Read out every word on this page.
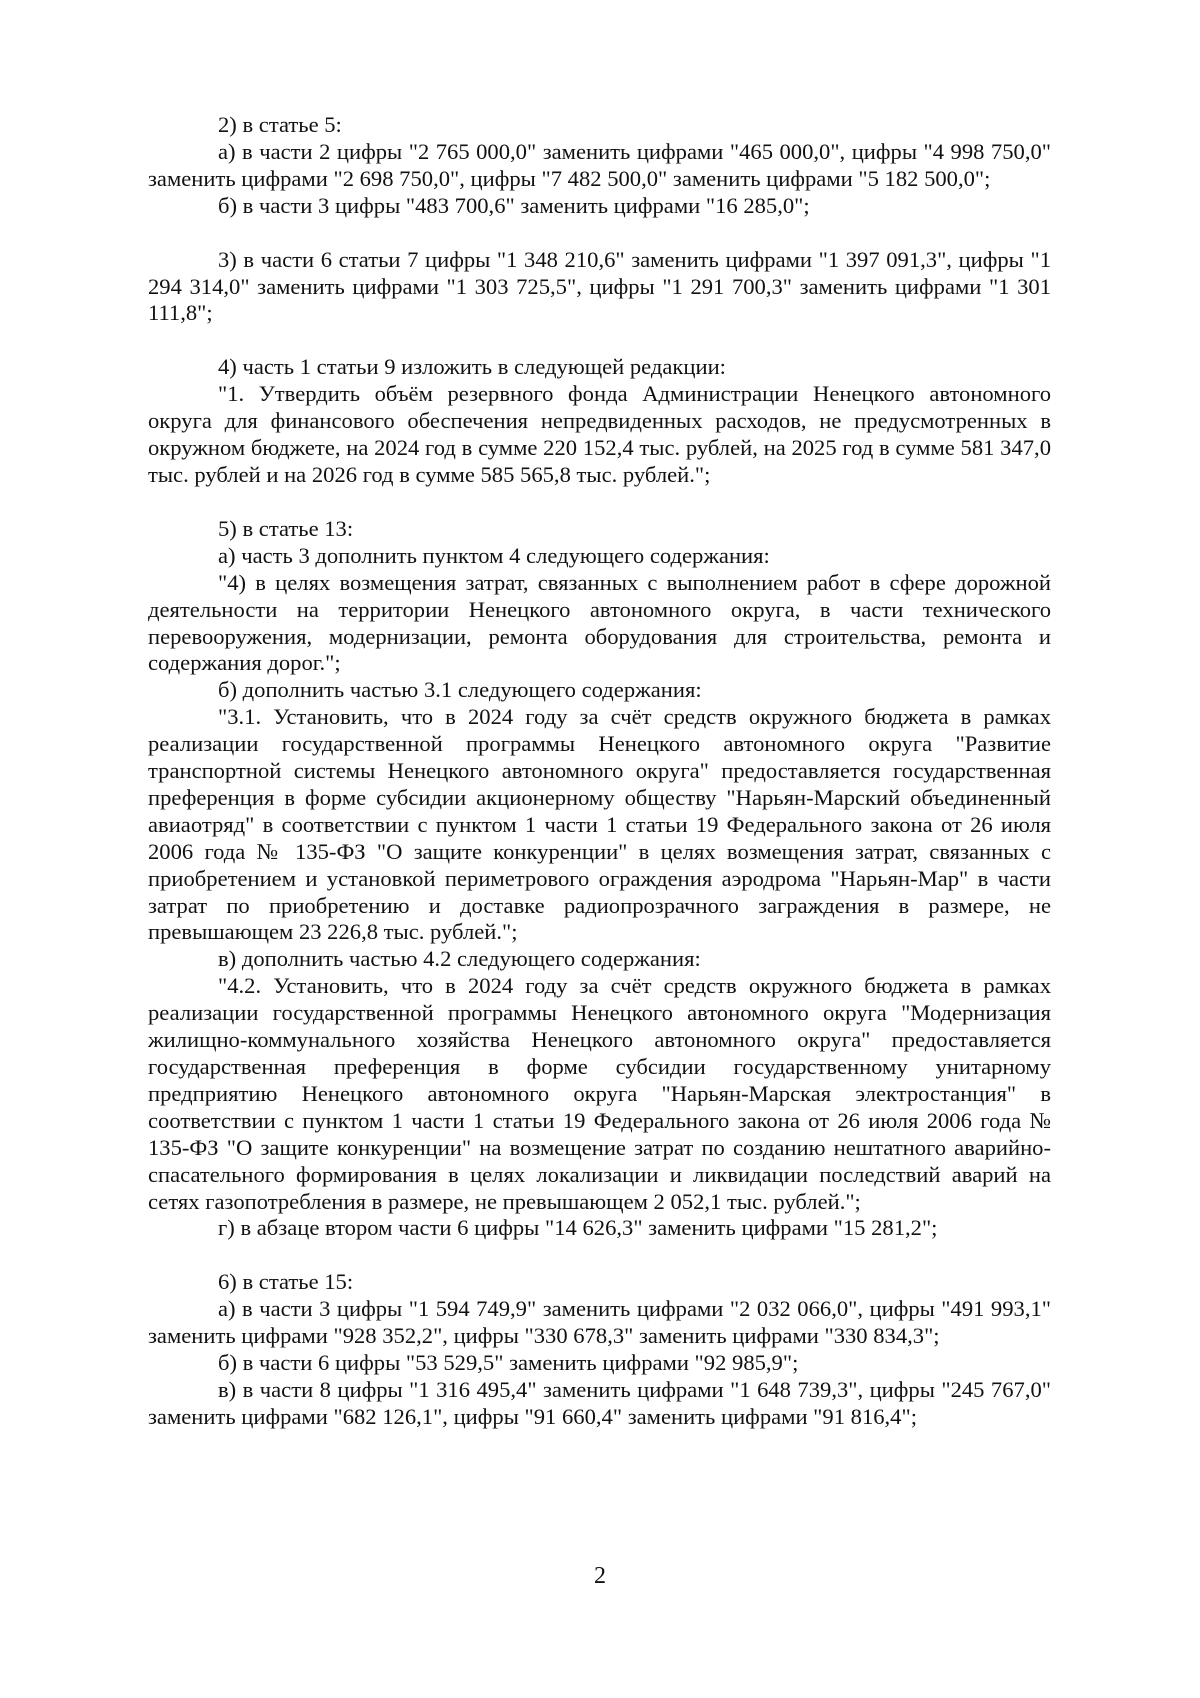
2) в статье 5:
а) в части 2 цифры "2 765 000,0" заменить цифрами "465 000,0", цифры "4 998 750,0" заменить цифрами "2 698 750,0", цифры "7 482 500,0" заменить цифрами "5 182 500,0";
б) в части 3 цифры "483 700,6" заменить цифрами "16 285,0";
3) в части 6 статьи 7 цифры "1 348 210,6" заменить цифрами "1 397 091,3", цифры "1 294 314,0" заменить цифрами "1 303 725,5", цифры "1 291 700,3" заменить цифрами "1 301 111,8";
4) часть 1 статьи 9 изложить в следующей редакции:
"1. Утвердить объём резервного фонда Администрации Ненецкого автономного округа для финансового обеспечения непредвиденных расходов, не предусмотренных в окружном бюджете, на 2024 год в сумме 220 152,4 тыс. рублей, на 2025 год в сумме 581 347,0 тыс. рублей и на 2026 год в сумме 585 565,8 тыс. рублей.";
5) в статье 13:
а) часть 3 дополнить пунктом 4 следующего содержания:
"4) в целях возмещения затрат, связанных с выполнением работ в сфере дорожной деятельности на территории Ненецкого автономного округа, в части технического перевооружения, модернизации, ремонта оборудования для строительства, ремонта и содержания дорог.";
б) дополнить частью 3.1 следующего содержания:
"3.1. Установить, что в 2024 году за счёт средств окружного бюджета в рамках реализации государственной программы Ненецкого автономного округа "Развитие транспортной системы Ненецкого автономного округа" предоставляется государственная преференция в форме субсидии акционерному обществу "Нарьян-Марский объединенный авиаотряд" в соответствии с пунктом 1 части 1 статьи 19 Федерального закона от 26 июля 2006 года № 135-ФЗ "О защите конкуренции" в целях возмещения затрат, связанных с приобретением и установкой периметрового ограждения аэродрома "Нарьян-Мар" в части затрат по приобретению и доставке радиопрозрачного заграждения в размере, не превышающем 23 226,8 тыс. рублей.";
в) дополнить частью 4.2 следующего содержания:
"4.2. Установить, что в 2024 году за счёт средств окружного бюджета в рамках реализации государственной программы Ненецкого автономного округа "Модернизация жилищно-коммунального хозяйства Ненецкого автономного округа" предоставляется государственная преференция в форме субсидии государственному унитарному предприятию Ненецкого автономного округа "Нарьян-Марская электростанция" в соответствии с пунктом 1 части 1 статьи 19 Федерального закона от 26 июля 2006 года № 135-ФЗ "О защите конкуренции" на возмещение затрат по созданию нештатного аварийно-спасательного формирования в целях локализации и ликвидации последствий аварий на сетях газопотребления в размере, не превышающем 2 052,1 тыс. рублей.";
г) в абзаце втором части 6 цифры "14 626,3" заменить цифрами "15 281,2";
6) в статье 15:
а) в части 3 цифры "1 594 749,9" заменить цифрами "2 032 066,0", цифры "491 993,1" заменить цифрами "928 352,2", цифры "330 678,3" заменить цифрами "330 834,3";
б) в части 6 цифры "53 529,5" заменить цифрами "92 985,9";
в) в части 8 цифры "1 316 495,4" заменить цифрами "1 648 739,3", цифры "245 767,0" заменить цифрами "682 126,1", цифры "91 660,4" заменить цифрами "91 816,4";
2
